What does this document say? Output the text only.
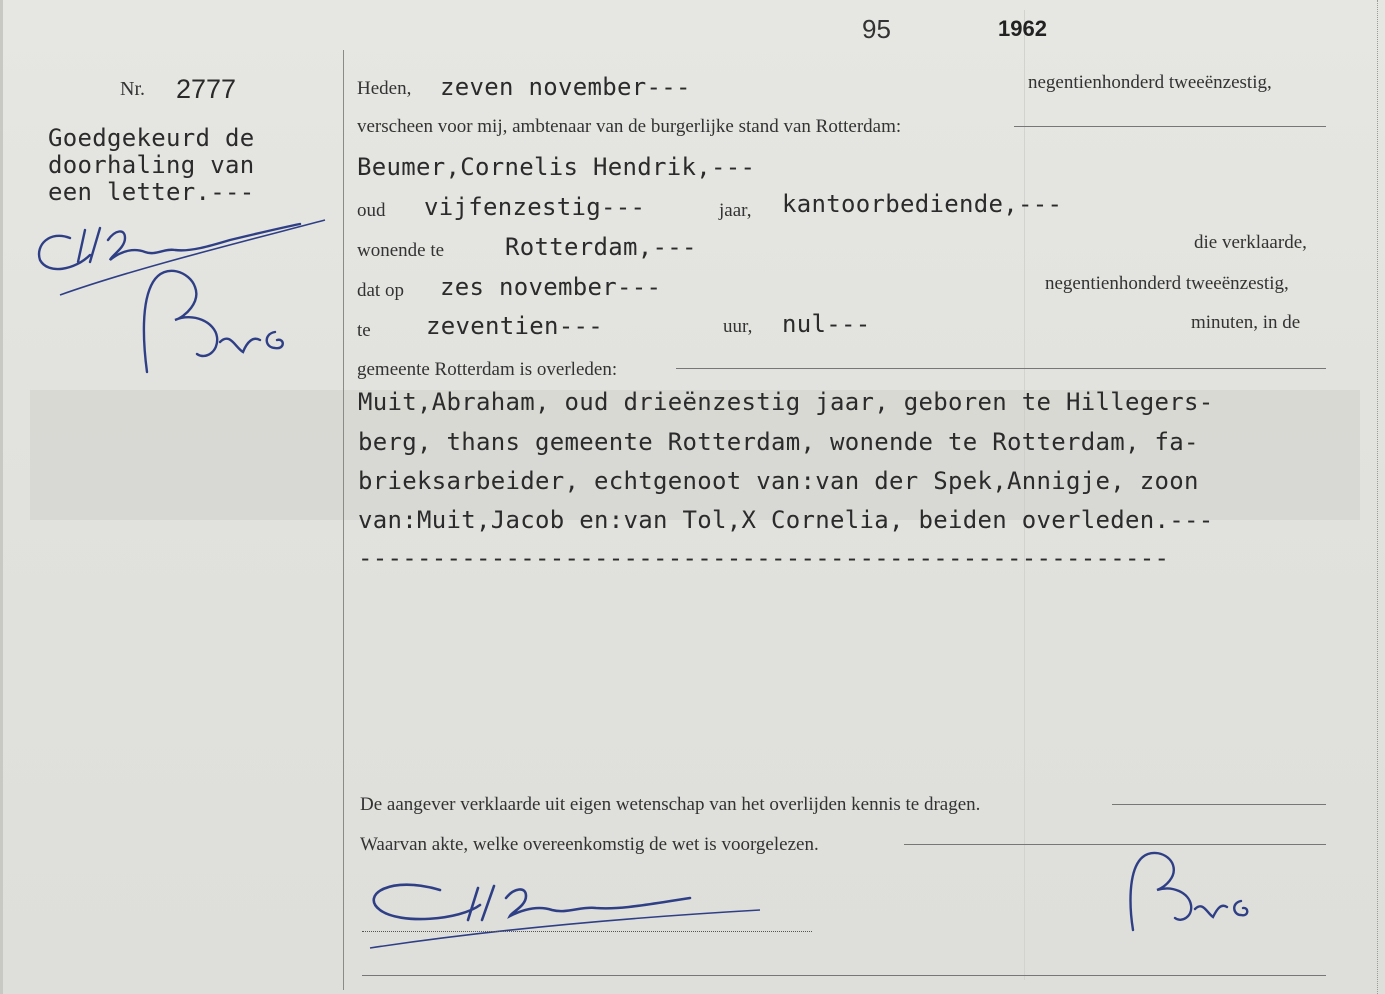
95	1962
Nr. 2777
Goedgekeurd de
doorhaling van
een letter.---
Heden, zeven november---	negentienhonderd tweeënzestig,
verscheen voor mij, ambtenaar van de burgerlijke stand van Rotterdam:
Beumer,Cornelis Hendrik,---
oud vijfenzestig---	jaar, kantoorbediende,---
wonende te	Rotterdam,---	die verklaarde,
dat op zes november---	negentienhonderd tweeënzestig,
te zeventien---	uur, nul---	minuten, in de
gemeente Rotterdam is overleden:
Muit,Abraham, oud drieënzestig jaar, geboren te Hillegers-
berg, thans gemeente Rotterdam, wonende te Rotterdam, fa-
brieksarbeider, echtgenoot van:van der Spek,Annigje, zoon
van:Muit,Jacob en:van Tol,X Cornelia, beiden overleden.---
-------------------------------------------------------
De aangever verklaarde uit eigen wetenschap van het overlijden kennis te dragen.
Waarvan akte, welke overeenkomstig de wet is voorgelezen.
